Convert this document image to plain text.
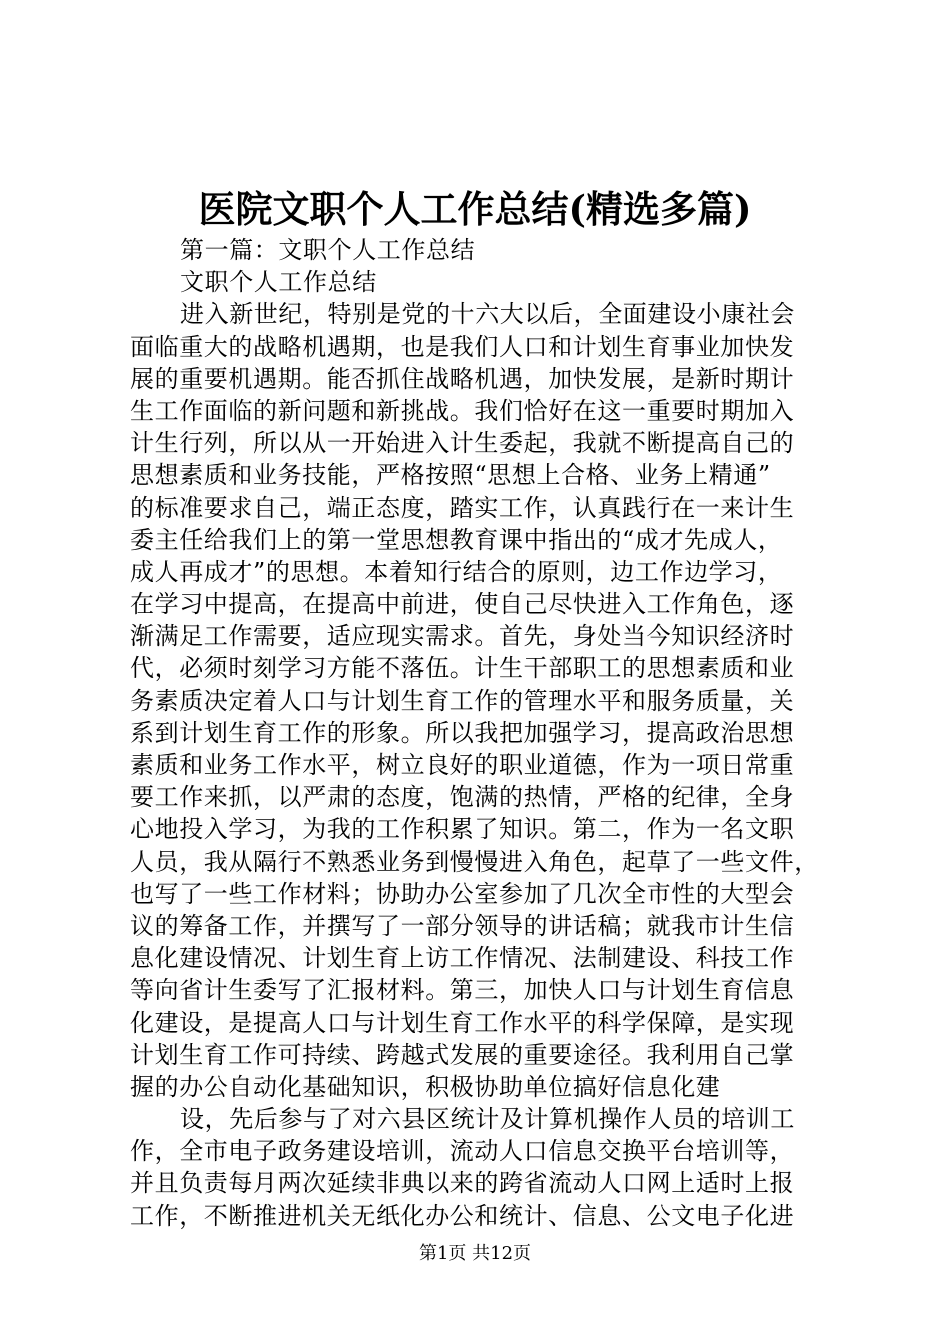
医院文职个人工作总结(精选多篇)
第一篇：文职个人工作总结
文职个人工作总结
进入新世纪，特别是党的十六大以后，全面建设小康社会
面临重大的战略机遇期，也是我们人口和计划生育事业加快发
展的重要机遇期。能否抓住战略机遇，加快发展，是新时期计
生工作面临的新问题和新挑战。我们恰好在这一重要时期加入
计生行列，所以从一开始进入计生委起，我就不断提高自己的
思想素质和业务技能，严格按照“思想上合格、业务上精通”
的标准要求自己，端正态度，踏实工作，认真践行在一来计生
委主任给我们上的第一堂思想教育课中指出的“成才先成人，
成人再成才”的思想。本着知行结合的原则，边工作边学习，
在学习中提高，在提高中前进，使自己尽快进入工作角色，逐
渐满足工作需要，适应现实需求。首先，身处当今知识经济时
代，必须时刻学习方能不落伍。计生干部职工的思想素质和业
务素质决定着人口与计划生育工作的管理水平和服务质量，关
系到计划生育工作的形象。所以我把加强学习，提高政治思想
素质和业务工作水平，树立良好的职业道德，作为一项日常重
要工作来抓，以严肃的态度，饱满的热情，严格的纪律，全身
心地投入学习，为我的工作积累了知识。第二，作为一名文职
人员，我从隔行不熟悉业务到慢慢进入角色，起草了一些文件，
也写了一些工作材料；协助办公室参加了几次全市性的大型会
议的筹备工作，并撰写了一部分领导的讲话稿；就我市计生信
息化建设情况、计划生育上访工作情况、法制建设、科技工作
等向省计生委写了汇报材料。第三，加快人口与计划生育信息
化建设，是提高人口与计划生育工作水平的科学保障，是实现
计划生育工作可持续、跨越式发展的重要途径。我利用自己掌
握的办公自动化基础知识，积极协助单位搞好信息化建
设，先后参与了对六县区统计及计算机操作人员的培训工
作，全市电子政务建设培训，流动人口信息交换平台培训等，
并且负责每月两次延续非典以来的跨省流动人口网上适时上报
工作，不断推进机关无纸化办公和统计、信息、公文电子化进
第1页 共12页
